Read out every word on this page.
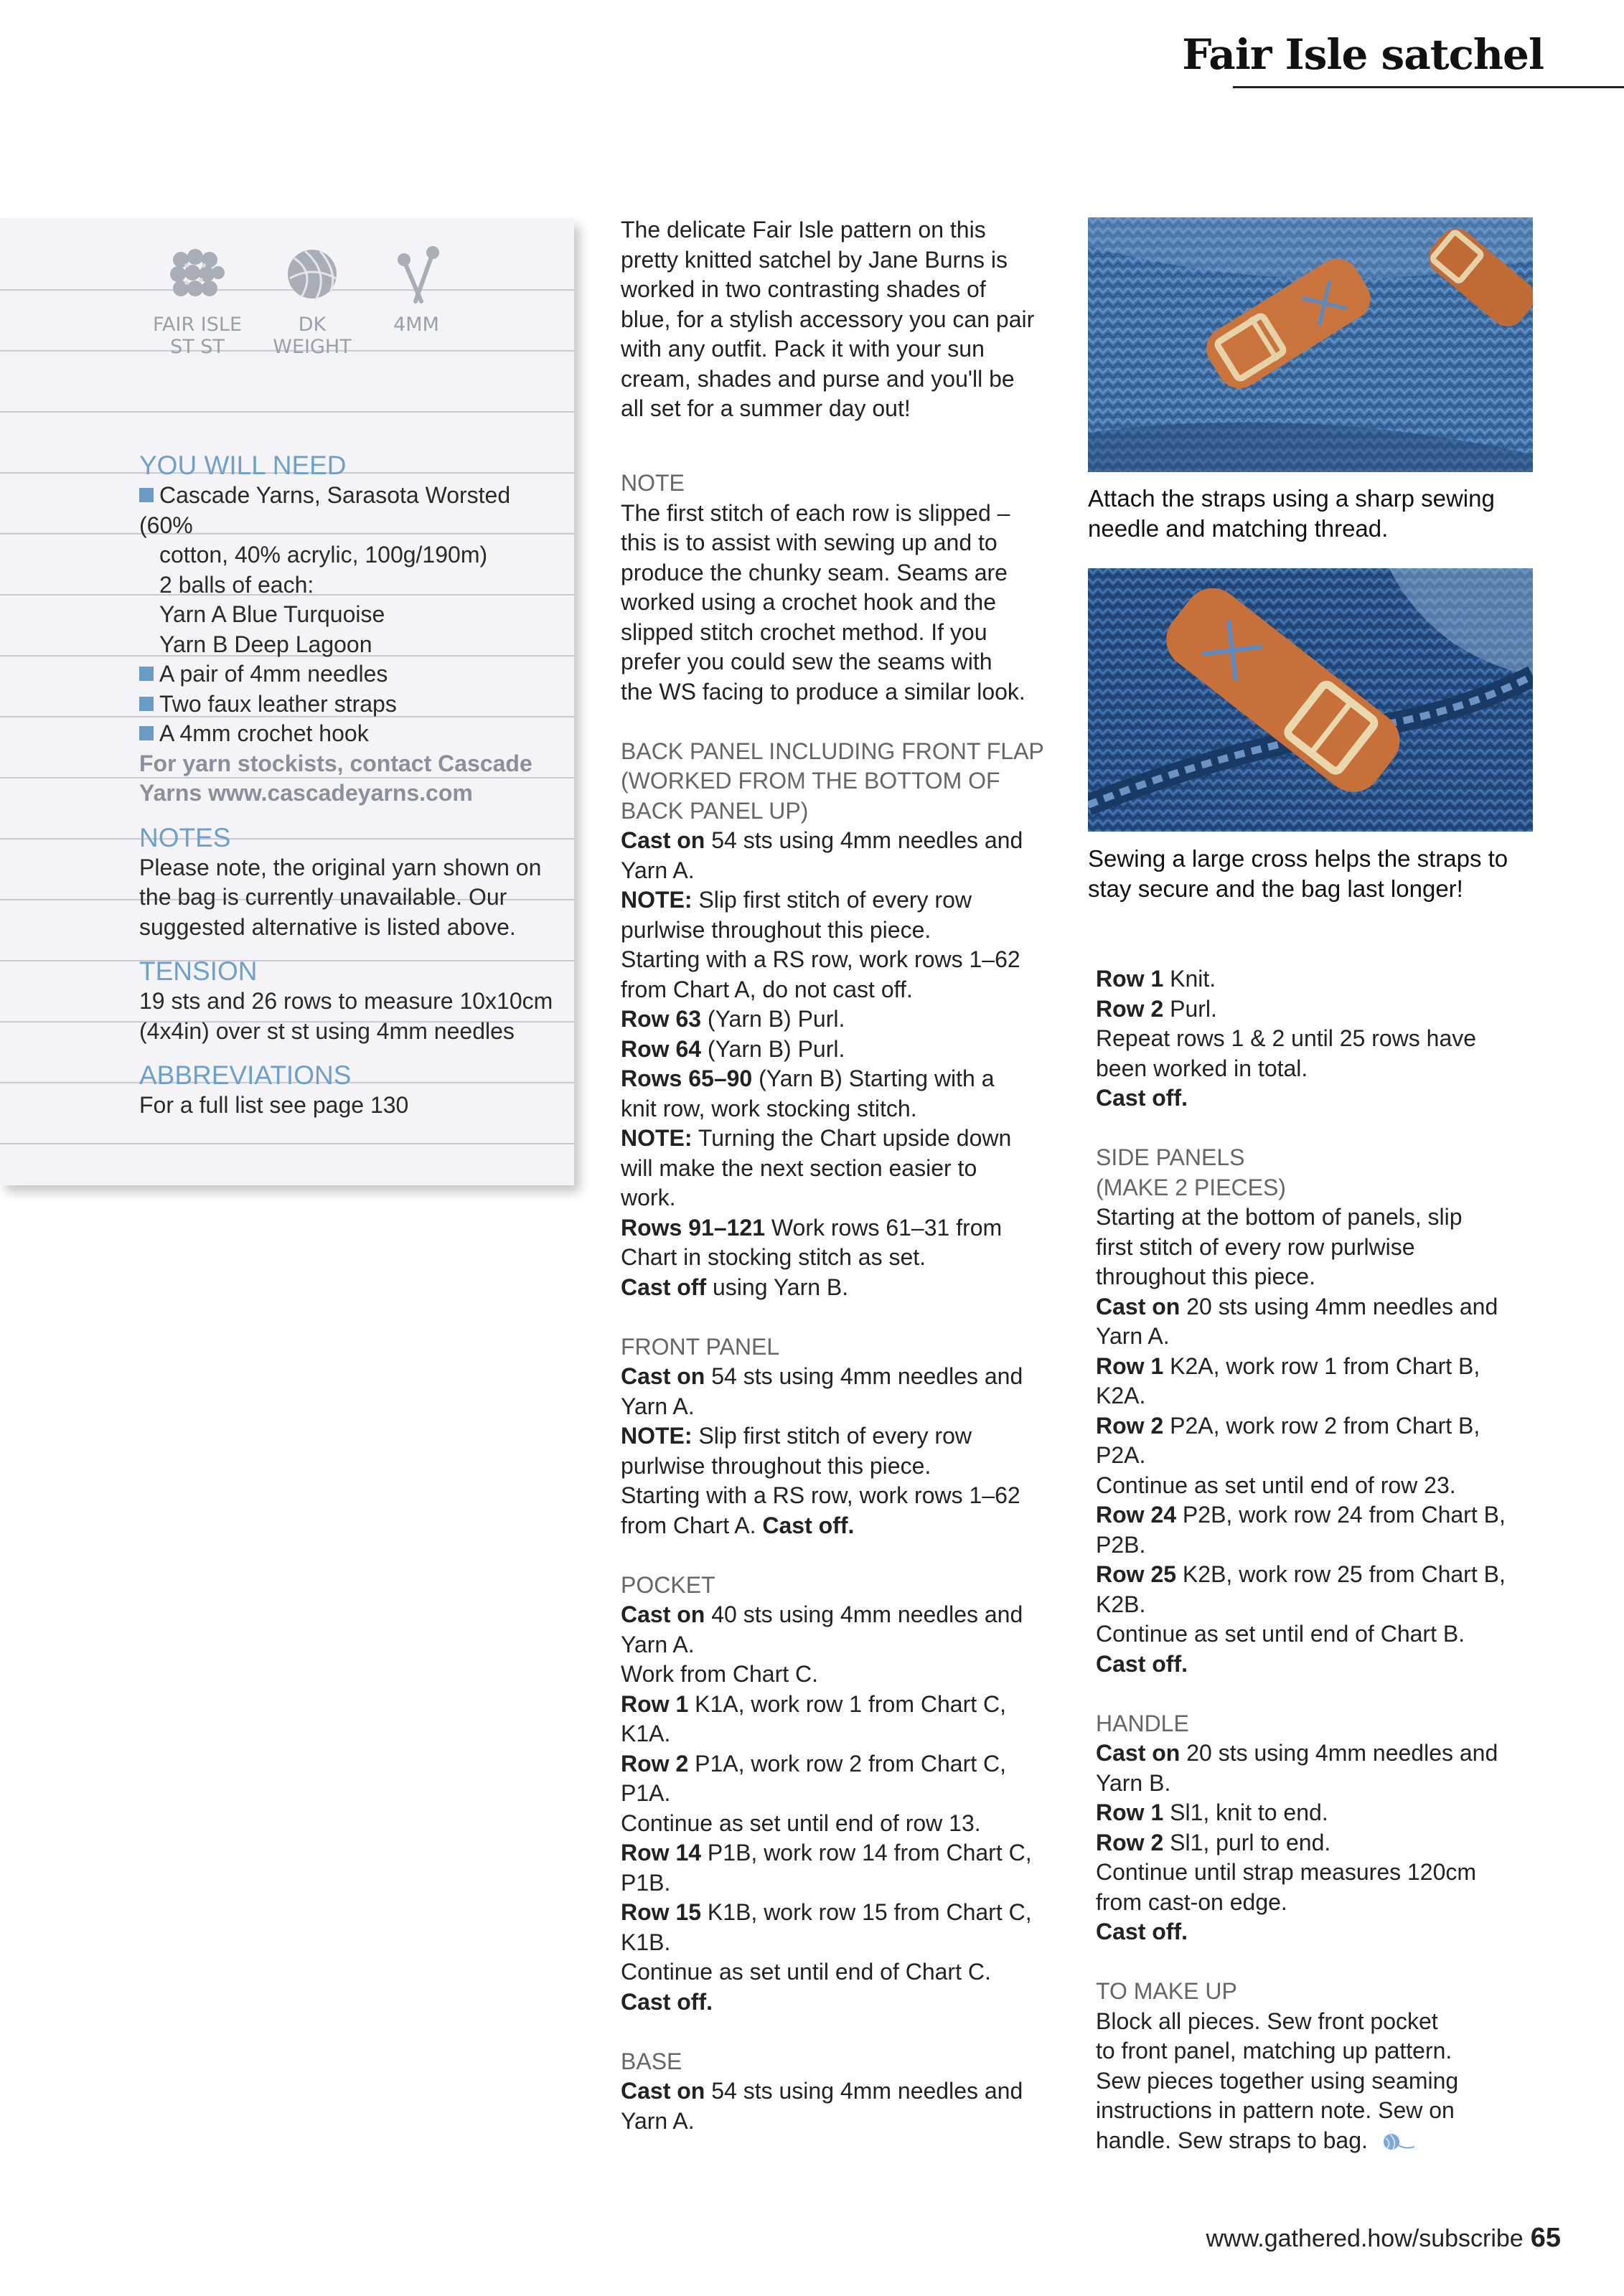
Fair Isle satchel
FAIR ISLE
ST ST
DK
WEIGHT
4MM
YOU WILL NEED
Cascade Yarns, Sarasota Worsted (60%
cotton, 40% acrylic, 100g/190m)
2 balls of each:
Yarn A Blue Turquoise
Yarn B Deep Lagoon
A pair of 4mm needles
Two faux leather straps
A 4mm crochet hook
For yarn stockists, contact Cascade
Yarns www.cascadeyarns.com
NOTES
Please note, the original yarn shown on
the bag is currently unavailable. Our
suggested alternative is listed above.
TENSION
19 sts and 26 rows to measure 10x10cm
(4x4in) over st st using 4mm needles
ABBREVIATIONS
For a full list see page 130

The delicate Fair Isle pattern on this

pretty knitted satchel by Jane Burns is

worked in two contrasting shades of

blue, for a stylish accessory you can pair

with any outfit. Pack it with your sun

cream, shades and purse and you'll be

all set for a summer day out!

NOTE

The first stitch of each row is slipped –

this is to assist with sewing up and to

produce the chunky seam. Seams are

worked using a crochet hook and the

slipped stitch crochet method. If you

prefer you could sew the seams with

the WS facing to produce a similar look.

BACK PANEL INCLUDING FRONT FLAP

(WORKED FROM THE BOTTOM OF

BACK PANEL UP)

Cast on 54 sts using 4mm needles and

Yarn A.

NOTE: Slip first stitch of every row

purlwise throughout this piece.

Starting with a RS row, work rows 1–62

from Chart A, do not cast off.

Row 63 (Yarn B) Purl.

Row 64 (Yarn B) Purl.

Rows 65–90 (Yarn B) Starting with a

knit row, work stocking stitch.

NOTE: Turning the Chart upside down

will make the next section easier to

work.

Rows 91–121 Work rows 61–31 from

Chart in stocking stitch as set.

Cast off using Yarn B.

FRONT PANEL

Cast on 54 sts using 4mm needles and

Yarn A.

NOTE: Slip first stitch of every row

purlwise throughout this piece.

Starting with a RS row, work rows 1–62

from Chart A. Cast off.

POCKET

Cast on 40 sts using 4mm needles and

Yarn A.

Work from Chart C.

Row 1 K1A, work row 1 from Chart C,

K1A.

Row 2 P1A, work row 2 from Chart C,

P1A.

Continue as set until end of row 13.

Row 14 P1B, work row 14 from Chart C,

P1B.

Row 15 K1B, work row 15 from Chart C,

K1B.

Continue as set until end of Chart C.

Cast off.

BASE

Cast on 54 sts using 4mm needles and

Yarn A.

Attach the straps using a sharp sewing
needle and matching thread.
Sewing a large cross helps the straps to
stay secure and the bag last longer!

Row 1 Knit.

Row 2 Purl.

Repeat rows 1 & 2 until 25 rows have

been worked in total.

Cast off.

SIDE PANELS

(MAKE 2 PIECES)

Starting at the bottom of panels, slip

first stitch of every row purlwise

throughout this piece.

Cast on 20 sts using 4mm needles and

Yarn A.

Row 1 K2A, work row 1 from Chart B,

K2A.

Row 2 P2A, work row 2 from Chart B,

P2A.

Continue as set until end of row 23.

Row 24 P2B, work row 24 from Chart B,

P2B.

Row 25 K2B, work row 25 from Chart B,

K2B.

Continue as set until end of Chart B.

Cast off.

HANDLE

Cast on 20 sts using 4mm needles and

Yarn B.

Row 1 Sl1, knit to end.

Row 2 Sl1, purl to end.

Continue until strap measures 120cm

from cast-on edge.

Cast off.

TO MAKE UP

Block all pieces. Sew front pocket

to front panel, matching up pattern.

Sew pieces together using seaming

instructions in pattern note. Sew on

handle. Sew straps to bag.

www.gathered.how/subscribe 65
